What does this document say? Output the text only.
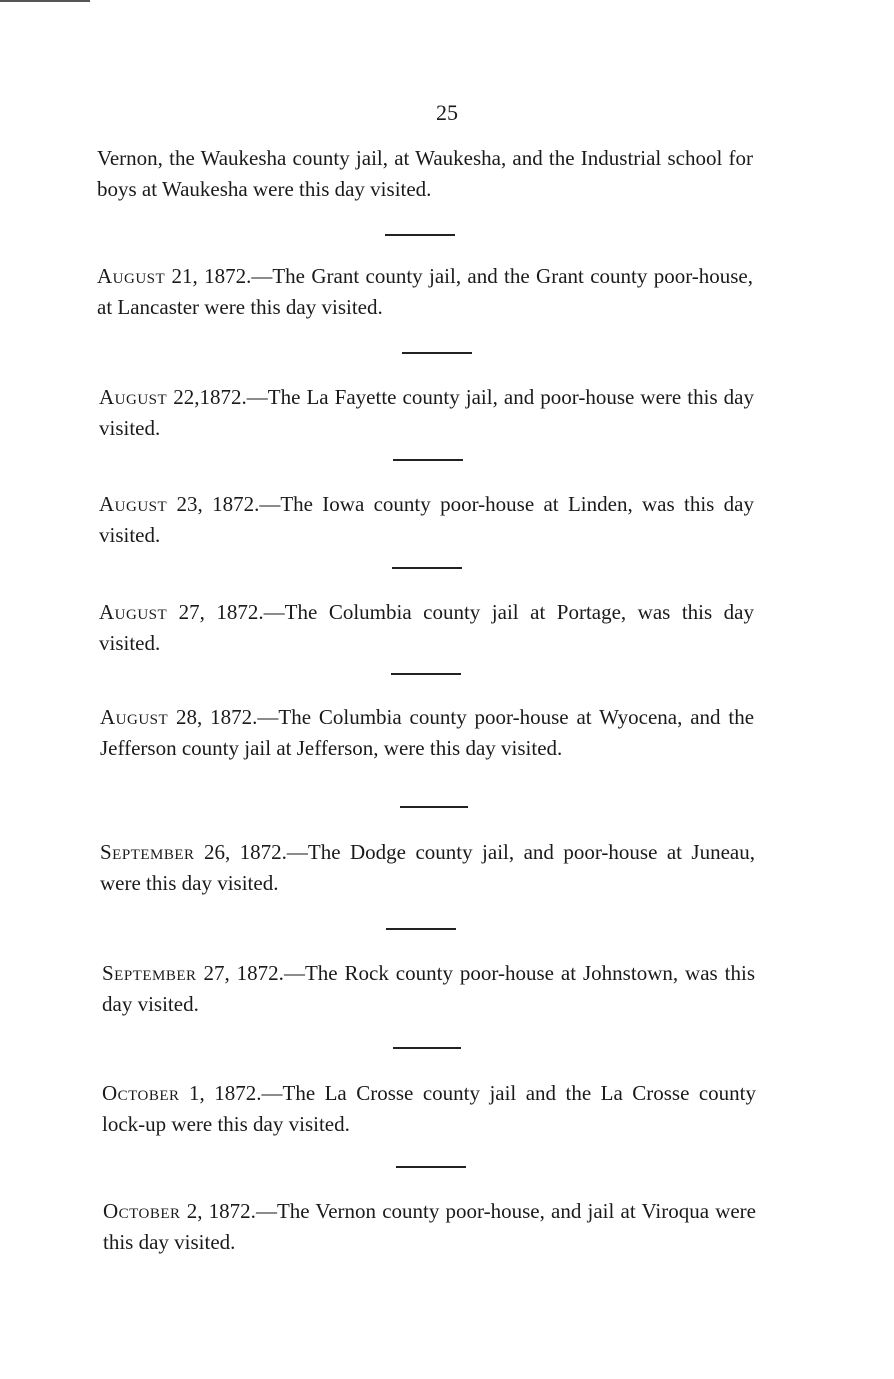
25

Vernon, the Waukesha county jail, at Waukesha, and the Industrial school for boys at Waukesha were this day visited.

August 21, 1872.—The Grant county jail, and the Grant county poor-house, at Lancaster were this day visited.

August 22,1872.—The La Fayette county jail, and poor-house were this day visited.

August 23, 1872.—The Iowa county poor-house at Linden, was this day visited.

August 27, 1872.—The Columbia county jail at Portage, was this day visited.

August 28, 1872.—The Columbia county poor-house at Wyocena, and the Jefferson county jail at Jefferson, were this day visited.

September 26, 1872.—The Dodge county jail, and poor-house at Juneau, were this day visited.

September 27, 1872.—The Rock county poor-house at Johnstown, was this day visited.

October 1, 1872.—The La Crosse county jail and the La Crosse county lock-up were this day visited.

October 2, 1872.—The Vernon county poor-house, and jail at Viroqua were this day visited.
